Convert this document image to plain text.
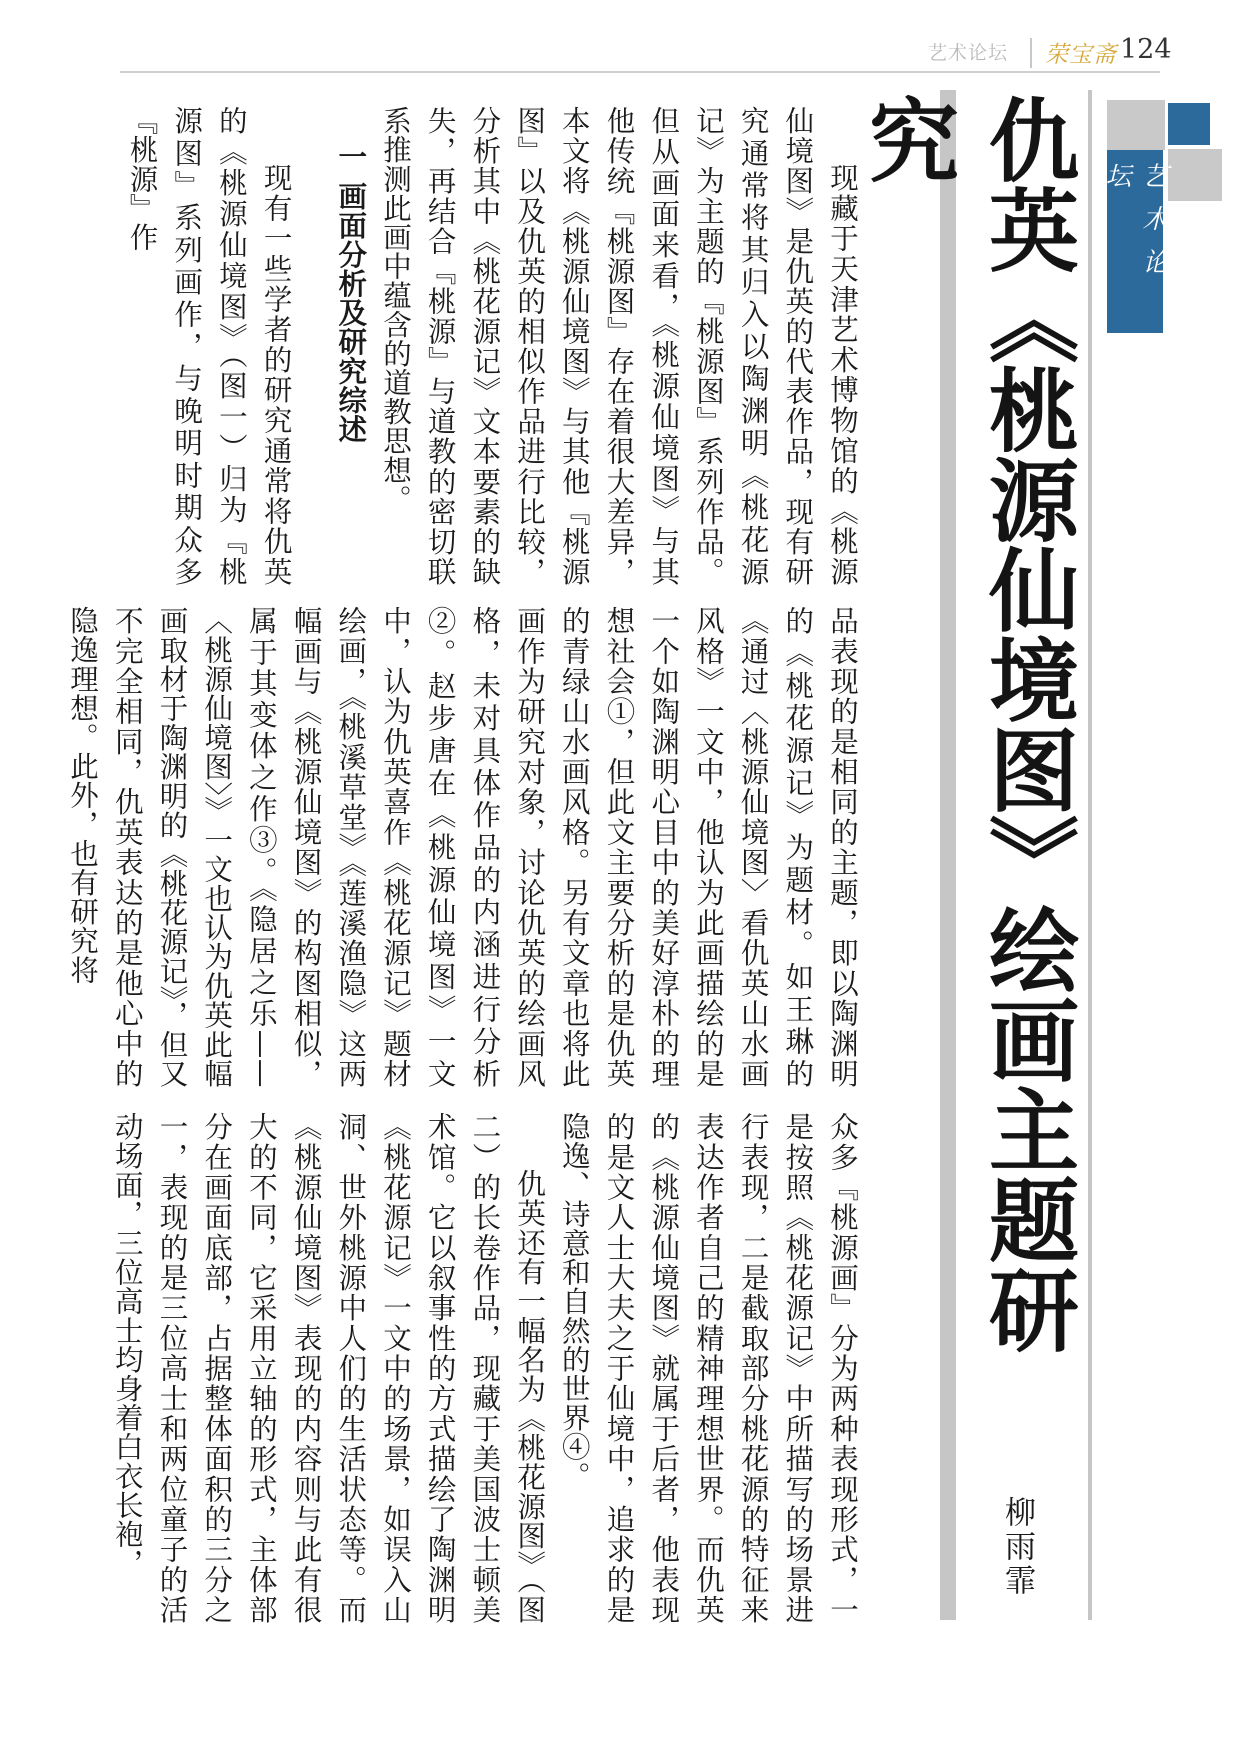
艺术论坛 荣宝斋 124
艺术论坛
仇英《桃源仙境图》绘画主题研究
柳雨霏

现藏于天津艺术博物馆的《桃源仙境图》是仇英的代表作品，现有研究通常将其归入以陶渊明《桃花源记》为主题的『桃源图』系列作品。但从画面来看，《桃源仙境图》与其他传统『桃源图』存在着很大差异，本文将《桃源仙境图》与其他『桃源图』以及仇英的相似作品进行比较，分析其中《桃花源记》文本要素的缺失，再结合『桃源』与道教的密切联系推测此画中蕴含的道教思想。

一 画面分析及研究综述

现有一些学者的研究通常将仇英的《桃源仙境图》（图一）归为『桃源图』系列画作，与晚明时期众多『桃源』作

品表现的是相同的主题，即以陶渊明的《桃花源记》为题材。如王琳的《通过〈桃源仙境图〉看仇英山水画风格》一文中，他认为此画描绘的是一个如陶渊明心目中的美好淳朴的理想社会①，但此文主要分析的是仇英的青绿山水画风格。另有文章也将此画作为研究对象，讨论仇英的绘画风格，未对具体作品的内涵进行分析②。赵步唐在《桃源仙境图》一文中，认为仇英喜作《桃花源记》题材绘画，《桃溪草堂》《莲溪渔隐》这两幅画与《桃源仙境图》的构图相似，属于其变体之作③。《隐居之乐——〈桃源仙境图〉》一文也认为仇英此幅画取材于陶渊明的《桃花源记》，但又不完全相同，仇英表达的是他心中的隐逸理想。此外，也有研究将

众多『桃源画』分为两种表现形式，一是按照《桃花源记》中所描写的场景进行表现，二是截取部分桃花源的特征来表达作者自己的精神理想世界。而仇英的《桃源仙境图》就属于后者，他表现的是文人士大夫之于仙境中，追求的是隐逸、诗意和自然的世界④。

仇英还有一幅名为《桃花源图》（图二）的长卷作品，现藏于美国波士顿美术馆。它以叙事性的方式描绘了陶渊明《桃花源记》一文中的场景，如误入山洞、世外桃源中人们的生活状态等。而《桃源仙境图》表现的内容则与此有很大的不同，它采用立轴的形式，主体部分在画面底部，占据整体面积的三分之一，表现的是三位高士和两位童子的活动场面，三位高士均身着白衣长袍，
